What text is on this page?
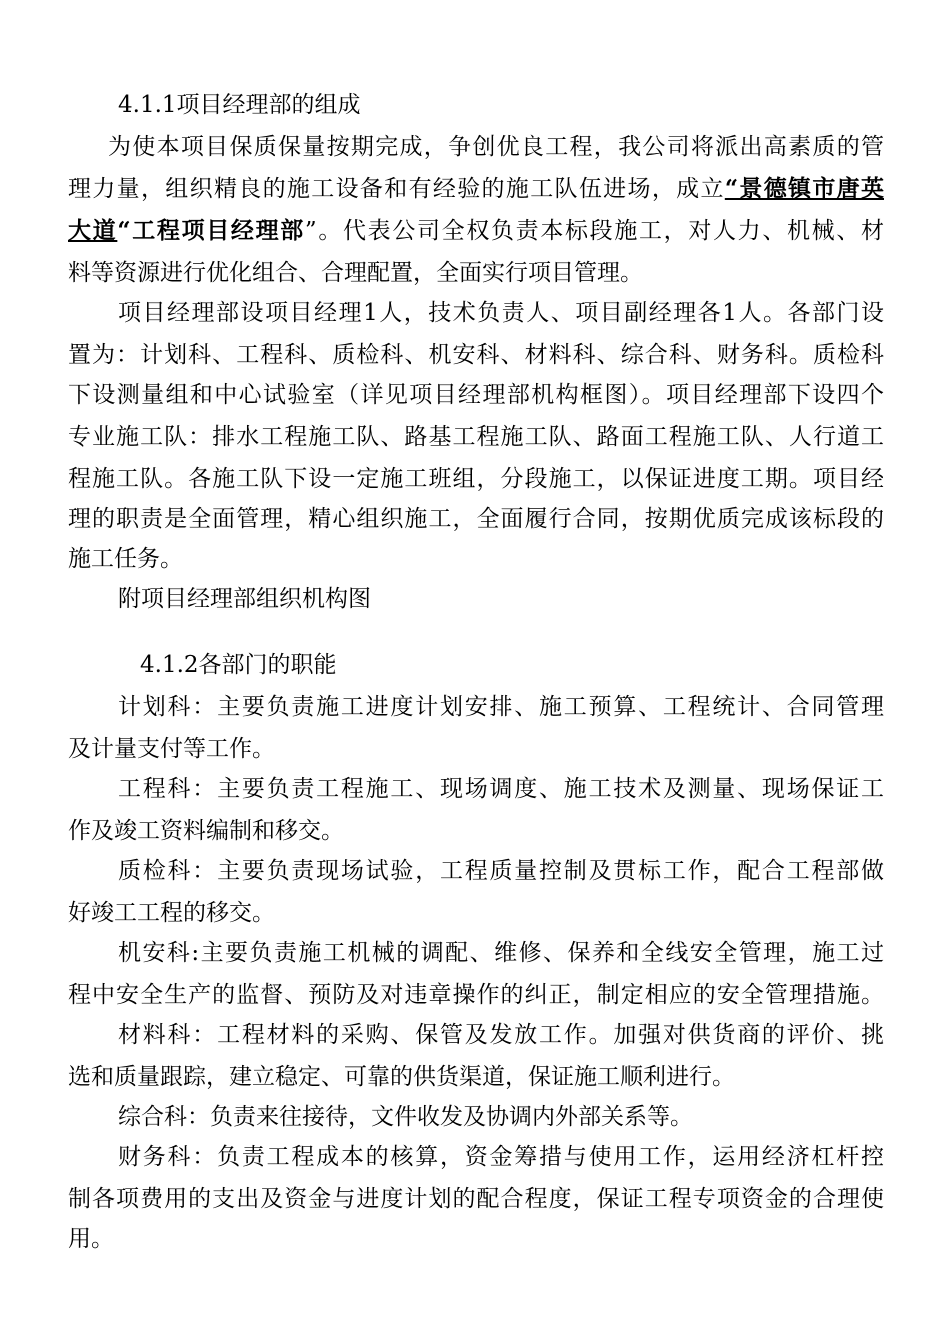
4.1.1项目经理部的组成
为使本项目保质保量按期完成，争创优良工程，我公司将派出高素质的管
理力量，组织精良的施工设备和有经验的施工队伍进场，成立“景德镇市唐英
大道“工程项目经理部”。代表公司全权负责本标段施工，对人力、机械、材
料等资源进行优化组合、合理配置，全面实行项目管理。
项目经理部设项目经理1人，技术负责人、项目副经理各1人。各部门设
置为：计划科、工程科、质检科、机安科、材料科、综合科、财务科。质检科
下设测量组和中心试验室（详见项目经理部机构框图）。项目经理部下设四个
专业施工队：排水工程施工队、路基工程施工队、路面工程施工队、人行道工
程施工队。各施工队下设一定施工班组，分段施工，以保证进度工期。项目经
理的职责是全面管理，精心组织施工，全面履行合同，按期优质完成该标段的
施工任务。
附项目经理部组织机构图
4.1.2各部门的职能
计划科：主要负责施工进度计划安排、施工预算、工程统计、合同管理
及计量支付等工作。
工程科：主要负责工程施工、现场调度、施工技术及测量、现场保证工
作及竣工资料编制和移交。
质检科：主要负责现场试验，工程质量控制及贯标工作，配合工程部做
好竣工工程的移交。
机安科:主要负责施工机械的调配、维修、保养和全线安全管理，施工过
程中安全生产的监督、预防及对违章操作的纠正，制定相应的安全管理措施。
材料科：工程材料的采购、保管及发放工作。加强对供货商的评价、挑
选和质量跟踪，建立稳定、可靠的供货渠道，保证施工顺利进行。
综合科：负责来往接待，文件收发及协调内外部关系等。
财务科：负责工程成本的核算，资金筹措与使用工作，运用经济杠杆控
制各项费用的支出及资金与进度计划的配合程度，保证工程专项资金的合理使
用。
